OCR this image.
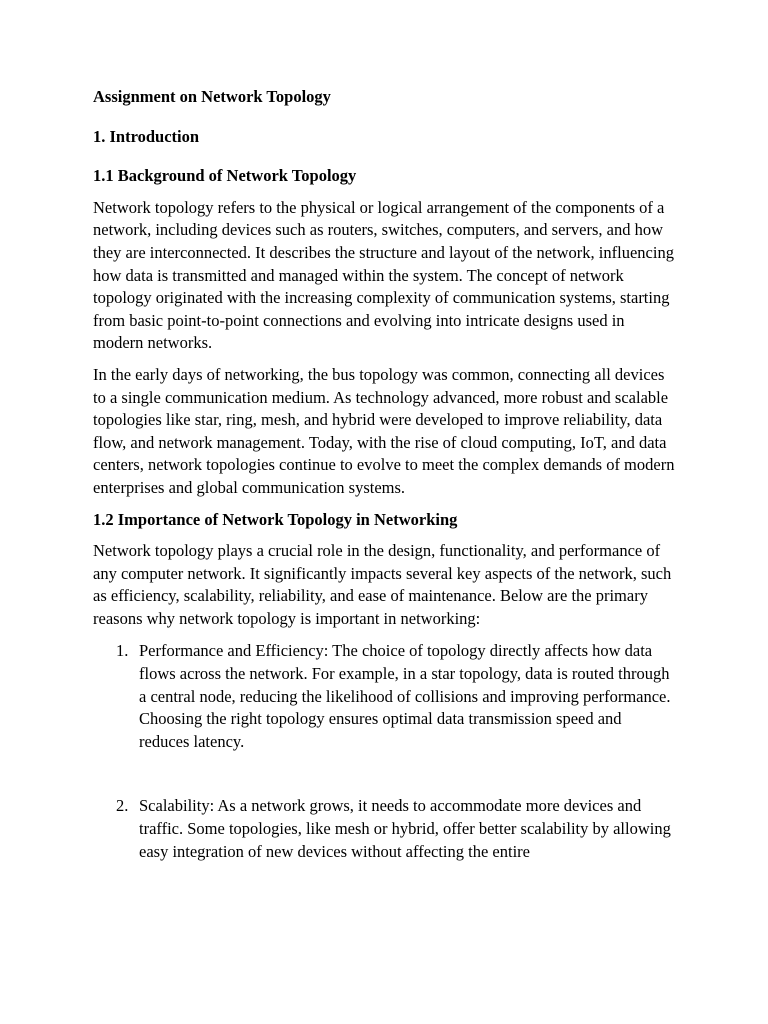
Assignment on Network Topology

1. Introduction

1.1 Background of Network Topology

Network topology refers to the physical or logical arrangement of the components of a network, including devices such as routers, switches, computers, and servers, and how they are interconnected. It describes the structure and layout of the network, influencing how data is transmitted and managed within the system. The concept of network topology originated with the increasing complexity of communication systems, starting from basic point-to-point connections and evolving into intricate designs used in modern networks.

In the early days of networking, the bus topology was common, connecting all devices to a single communication medium. As technology advanced, more robust and scalable topologies like star, ring, mesh, and hybrid were developed to improve reliability, data flow, and network management. Today, with the rise of cloud computing, IoT, and data centers, network topologies continue to evolve to meet the complex demands of modern enterprises and global communication systems.

1.2 Importance of Network Topology in Networking

Network topology plays a crucial role in the design, functionality, and performance of any computer network. It significantly impacts several key aspects of the network, such as efficiency, scalability, reliability, and ease of maintenance. Below are the primary reasons why network topology is important in networking:

1. Performance and Efficiency: The choice of topology directly affects how data flows across the network. For example, in a star topology, data is routed through a central node, reducing the likelihood of collisions and improving performance. Choosing the right topology ensures optimal data transmission speed and reduces latency.
2. Scalability: As a network grows, it needs to accommodate more devices and traffic. Some topologies, like mesh or hybrid, offer better scalability by allowing easy integration of new devices without affecting the entire
